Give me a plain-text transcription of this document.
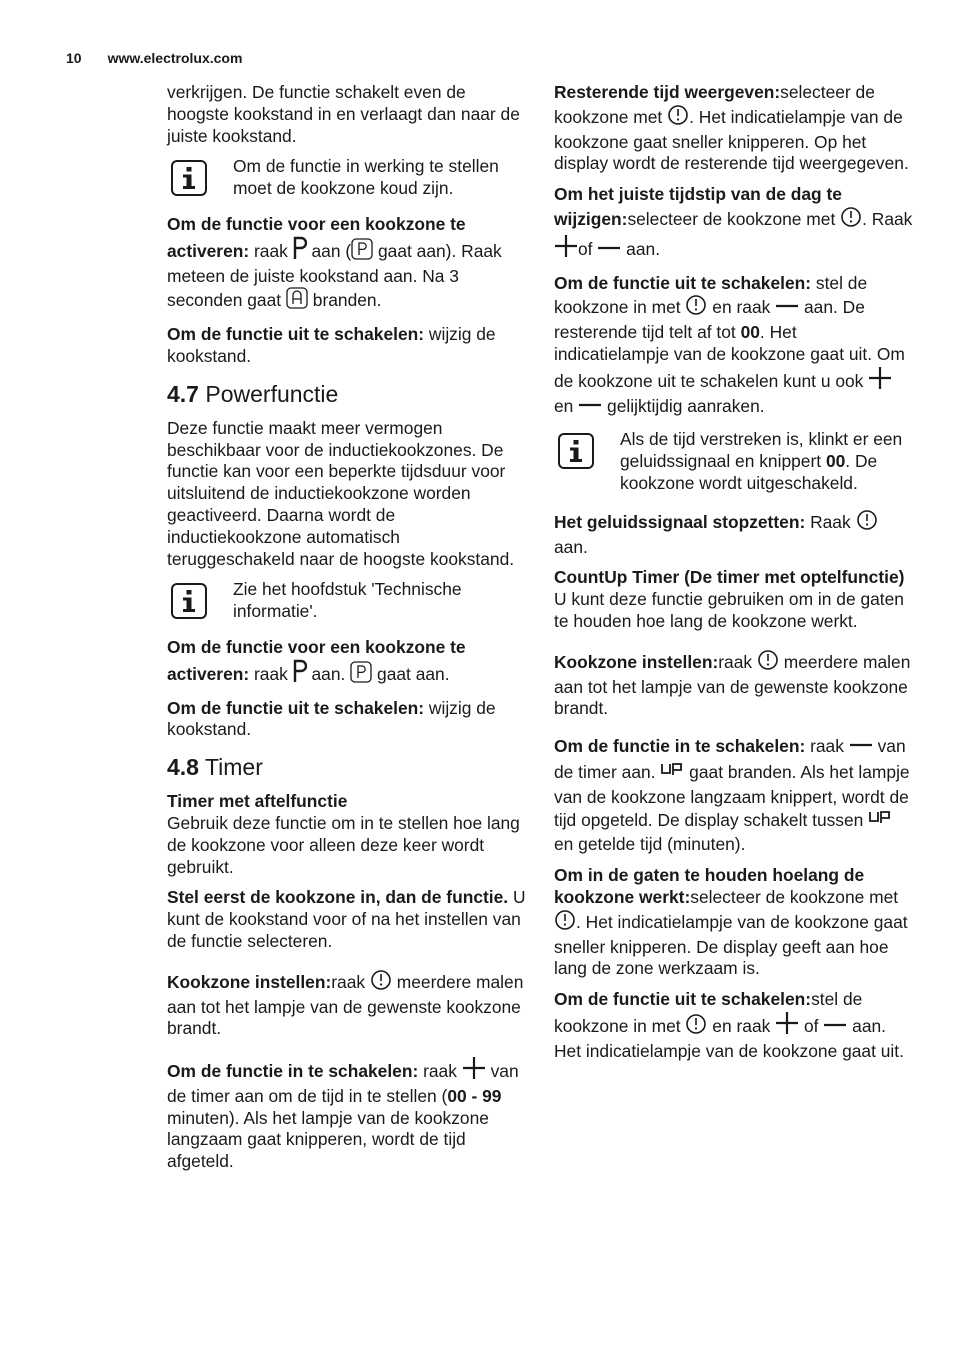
10 www.electrolux.com

verkrijgen. De functie schakelt even de hoogste kookstand in en verlaagt dan naar de juiste kookstand.

Om de functie in werking te stellen moet de kookzone koud zijn.

Om de functie voor een kookzone te activeren: raak  aan ( gaat aan). Raak meteen de juiste kookstand aan. Na 3 seconden gaat  branden.

Om de functie uit te schakelen: wijzig de kookstand.

4.7 Powerfunctie

Deze functie maakt meer vermogen beschikbaar voor de inductiekookzones. De functie kan voor een beperkte tijdsduur voor uitsluitend de inductiekookzone worden geactiveerd. Daarna wordt de inductiekookzone automatisch teruggeschakeld naar de hoogste kookstand.

Zie het hoofdstuk 'Technische informatie'.

Om de functie voor een kookzone te activeren: raak  aan.  gaat aan.

Om de functie uit te schakelen: wijzig de kookstand.

4.8 Timer

Timer met aftelfunctie
Gebruik deze functie om in te stellen hoe lang de kookzone voor alleen deze keer wordt gebruikt.

Stel eerst de kookzone in, dan de functie. U kunt de kookstand voor of na het instellen van de functie selecteren.

Kookzone instellen:raak  meerdere malen aan tot het lampje van de gewenste kookzone brandt.

Om de functie in te schakelen: raak  van de timer aan om de tijd in te stellen (00 - 99 minuten). Als het lampje van de kookzone langzaam gaat knipperen, wordt de tijd afgeteld.

Resterende tijd weergeven:selecteer de kookzone met . Het indicatielampje van de kookzone gaat sneller knipperen. Op het display wordt de resterende tijd weergegeven.

Om het juiste tijdstip van de dag te wijzigen:selecteer de kookzone met . Raak of  aan.

Om de functie uit te schakelen: stel de kookzone in met  en raak  aan. De resterende tijd telt af tot 00. Het indicatielampje van de kookzone gaat uit. Om de kookzone uit te schakelen kunt u ook  en  gelijktijdig aanraken.

Als de tijd verstreken is, klinkt er een geluidssignaal en knippert 00. De kookzone wordt uitgeschakeld.

Het geluidssignaal stopzetten: Raak  aan.

CountUp Timer (De timer met optelfunctie)
U kunt deze functie gebruiken om in de gaten te houden hoe lang de kookzone werkt.

Kookzone instellen:raak  meerdere malen aan tot het lampje van de gewenste kookzone brandt.

Om de functie in te schakelen: raak  van de timer aan.  gaat branden. Als het lampje van de kookzone langzaam knippert, wordt de tijd opgeteld. De display schakelt tussen  en getelde tijd (minuten).

Om in de gaten te houden hoelang de kookzone werkt:selecteer de kookzone met . Het indicatielampje van de kookzone gaat sneller knipperen. De display geeft aan hoe lang de zone werkzaam is.

Om de functie uit te schakelen:stel de kookzone in met  en raak  of  aan. Het indicatielampje van de kookzone gaat uit.
